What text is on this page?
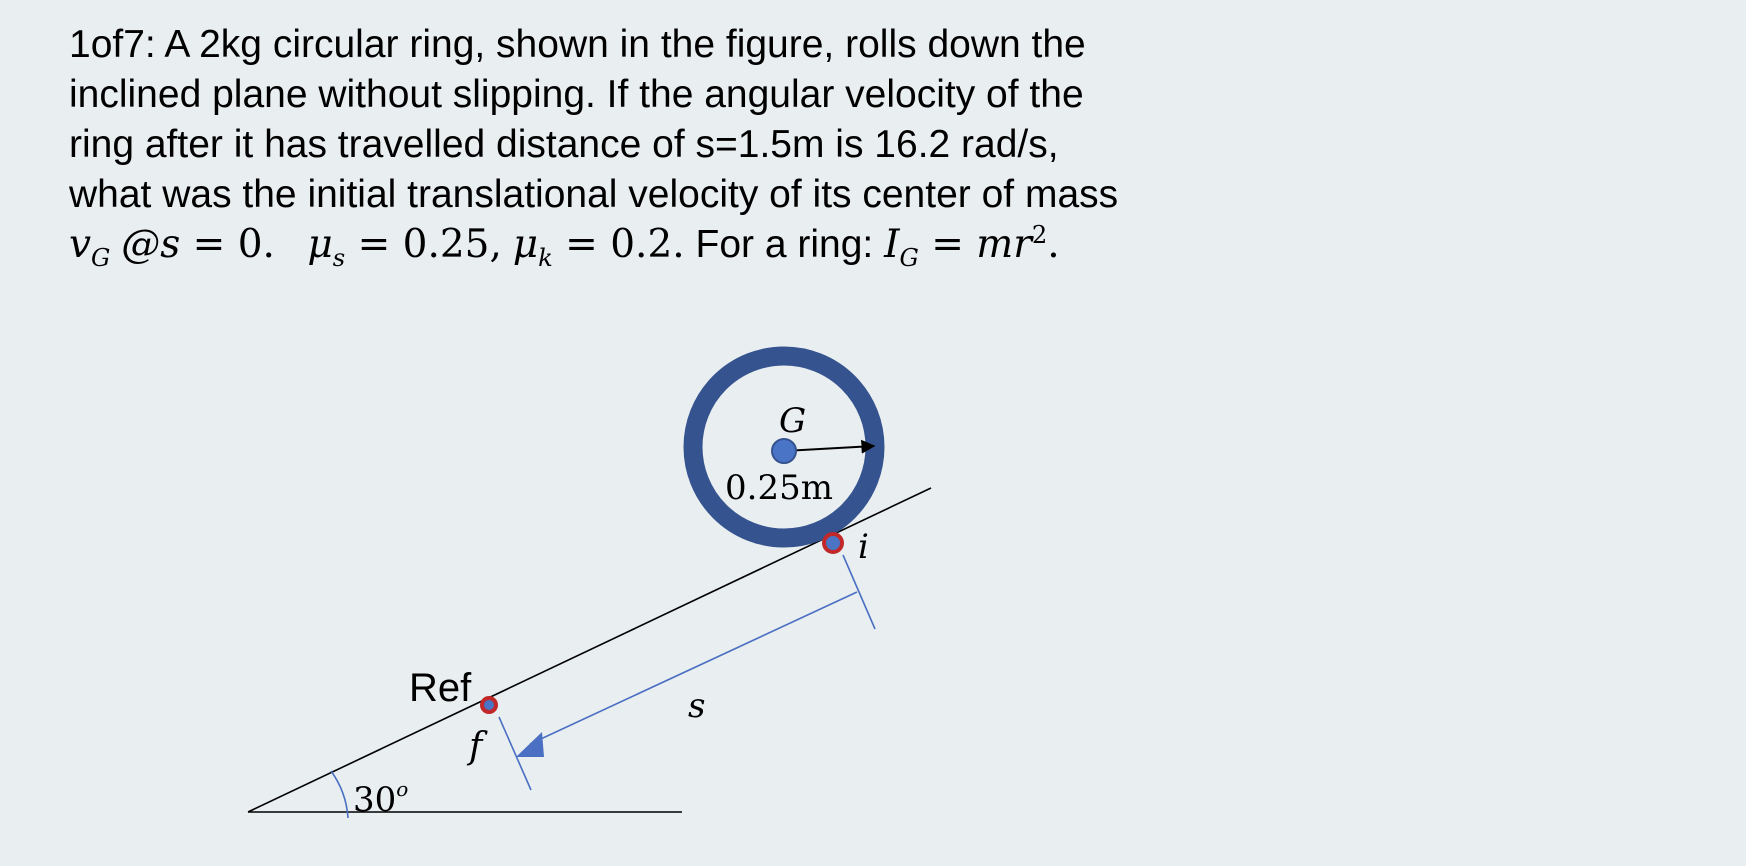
1of7: A 2kg circular ring, shown in the figure, rolls down the
inclined plane without slipping. If the angular velocity of the
ring after it has travelled distance of s=1.5m is 16.2 rad/s,
what was the initial translational velocity of its center of mass
$v_G$ @s = 0. $\mu_s = 0.25$, $\mu_k = 0.2$. For a ring: $I_G = mr^2$.
30$^o$
G
0.25m
i
Ref
f
s
